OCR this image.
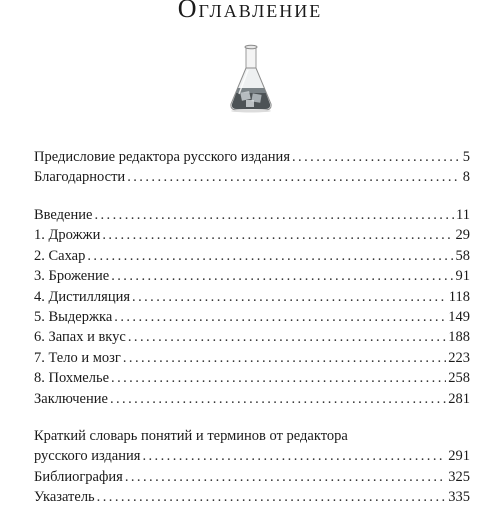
Оглавление
Предисловие редактора русского издания . . .	5
Благодарности . . .	8
Введение . . .	11
1. Дрожжи . . .	29
2. Сахар . . .	58
3. Брожение . . .	91
4. Дистилляция . . .	118
5. Выдержка . . .	149
6. Запах и вкус . . .	188
7. Тело и мозг . . .	223
8. Похмелье . . .	258
Заключение . . .	281
Краткий словарь понятий и терминов от редактора
русского издания . . .	291
Библиография . . .	325
Указатель . . .	335
